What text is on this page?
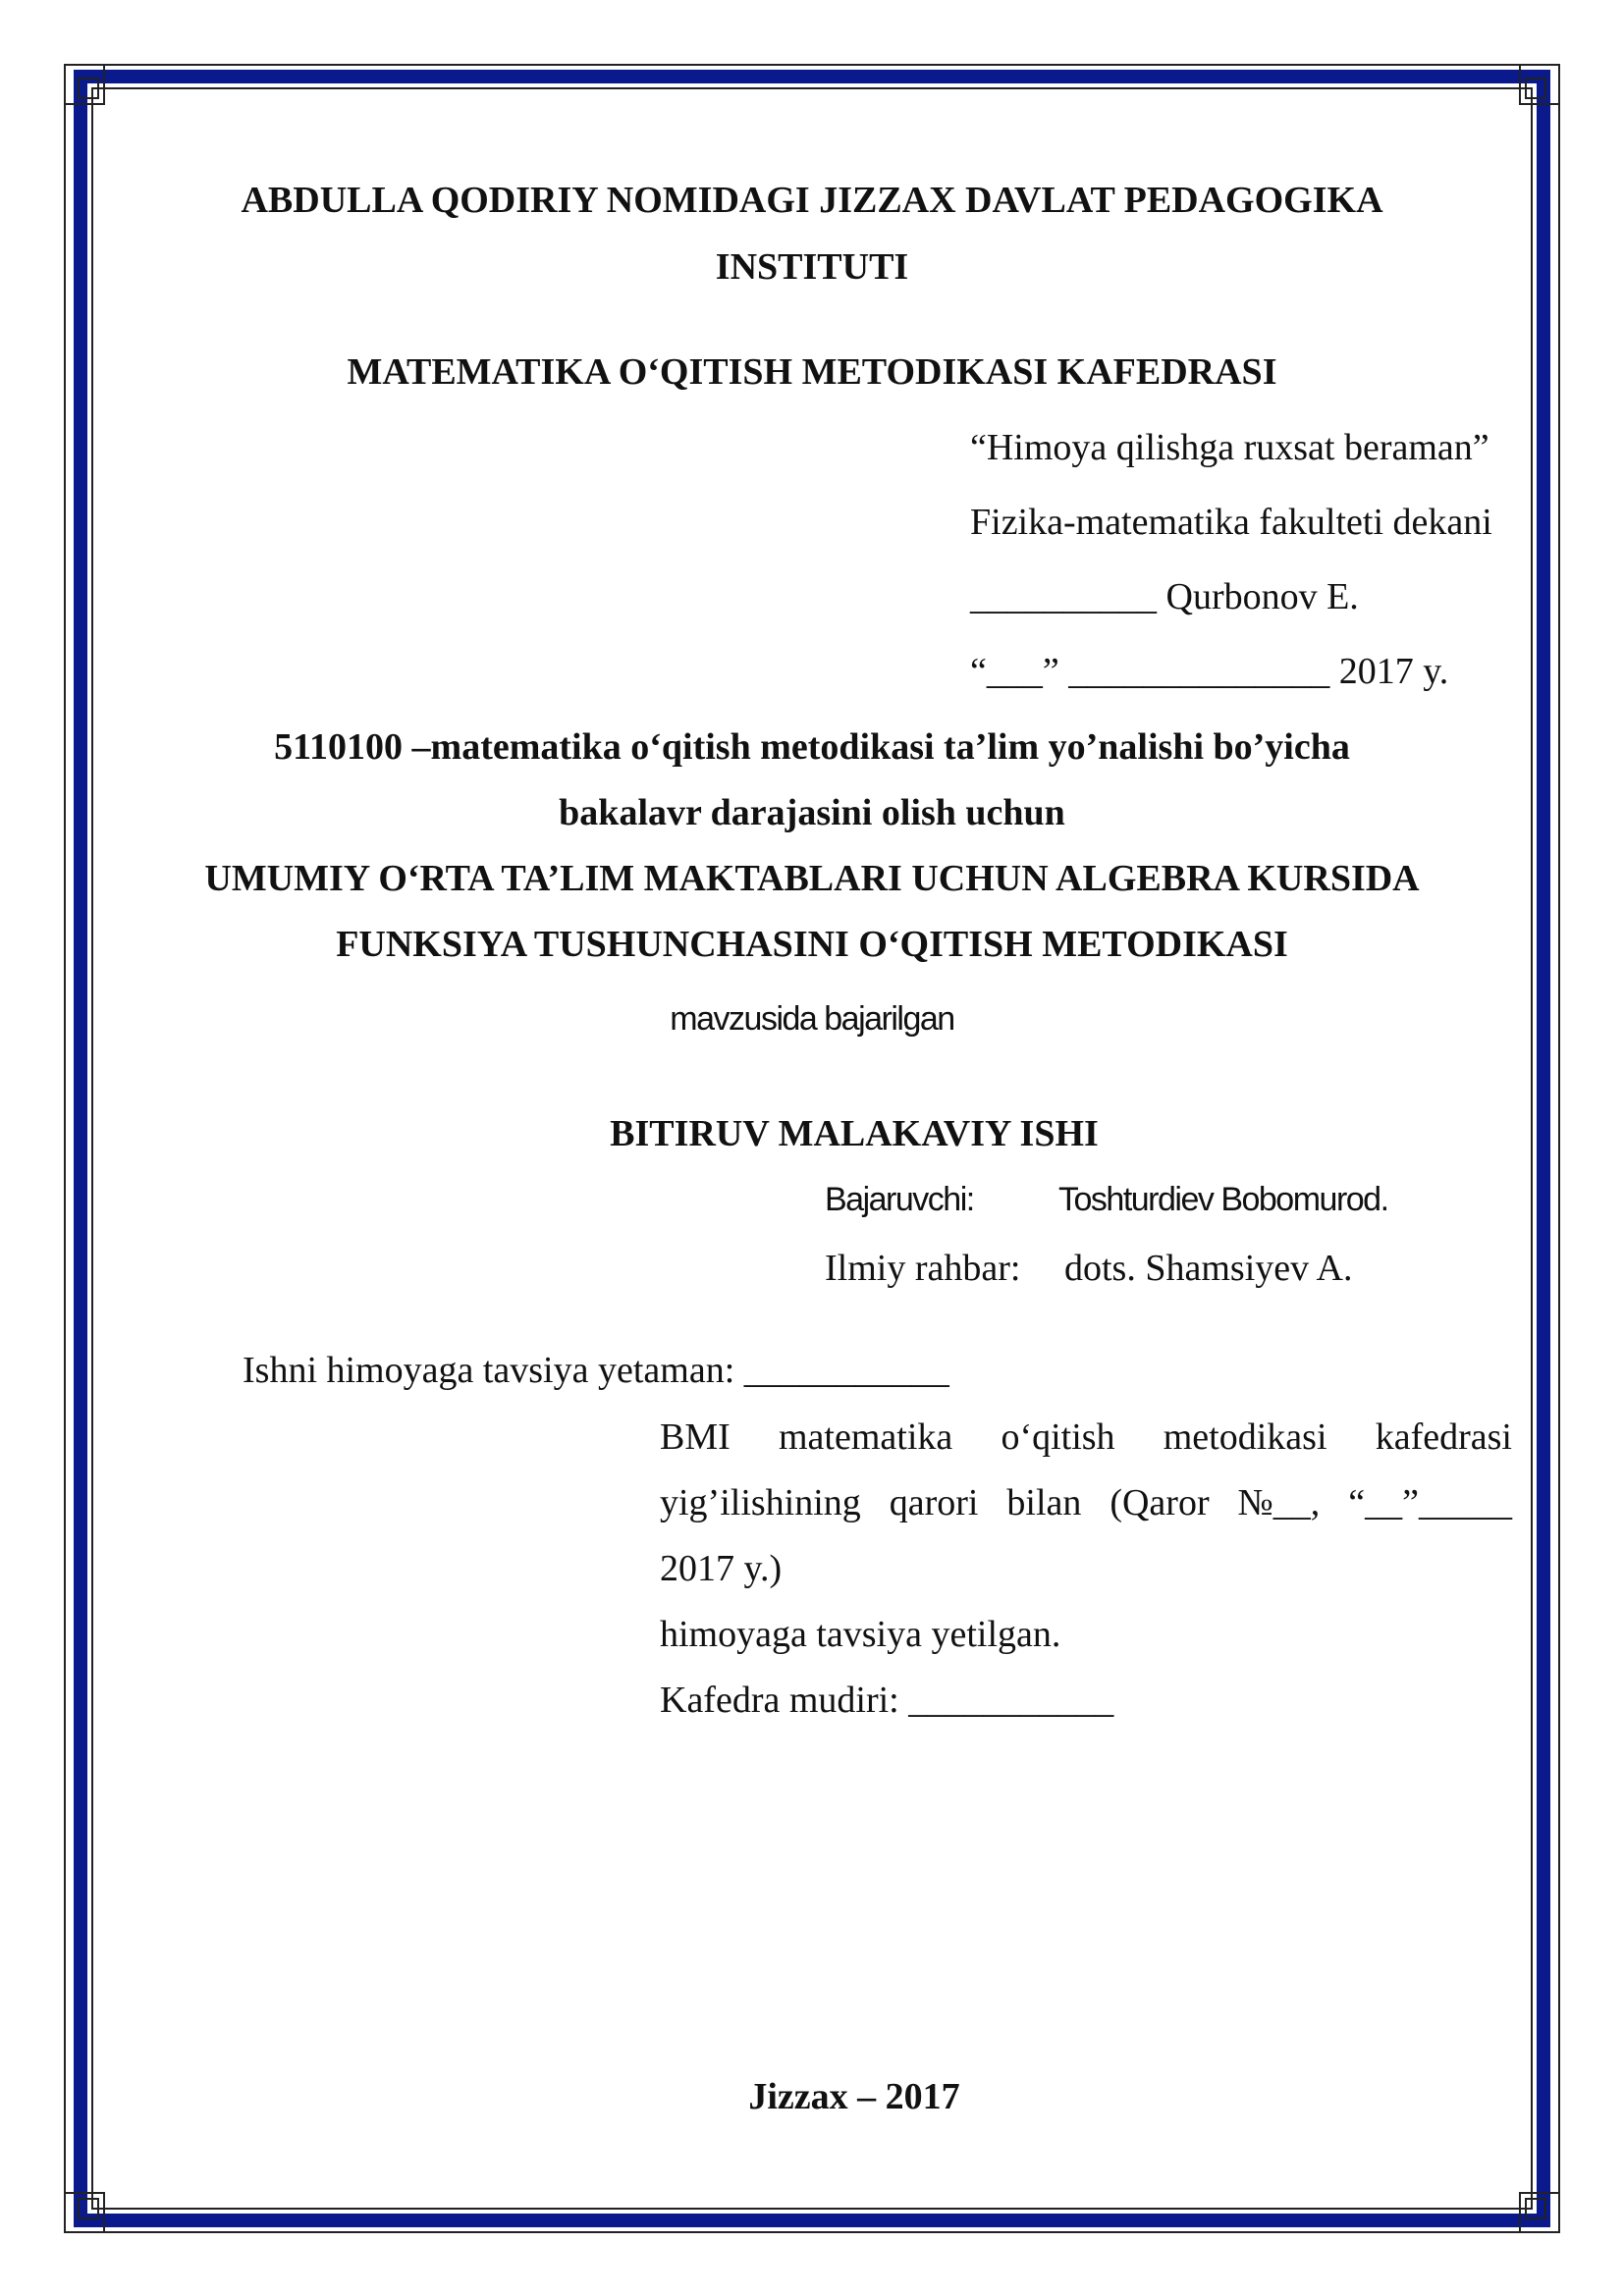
ABDULLA QODIRIY NOMIDAGI JIZZAX DAVLAT PEDAGOGIKA
INSTITUTI
MATEMATIKA O‘QITISH METODIKASI KAFEDRASI
“Himoya qilishga ruxsat beraman”
Fizika-matematika fakulteti dekani
__________ Qurbonov E.
“___” ______________ 2017 y.
5110100 –matematika o‘qitish metodikasi ta’lim yo’nalishi bo’yicha
bakalavr darajasini olish uchun
UMUMIY O‘RTA TA’LIM MAKTABLARI UCHUN ALGEBRA KURSIDA
FUNKSIYA TUSHUNCHASINI O‘QITISH METODIKASI
mavzusida bajarilgan
BITIRUV MALAKAVIY ISHI
Bajaruvchi:	Toshturdiev Bobomurod.
Ilmiy rahbar: dots. Shamsiyev A.
Ishni himoyaga tavsiya yetaman: ___________
BMI matematika o‘qitish metodikasi kafedrasi
yig’ilishining qarori bilan (Qaror №__, “__”_____
2017 y.)
himoyaga tavsiya yetilgan.
Kafedra mudiri: ___________
Jizzax – 2017
